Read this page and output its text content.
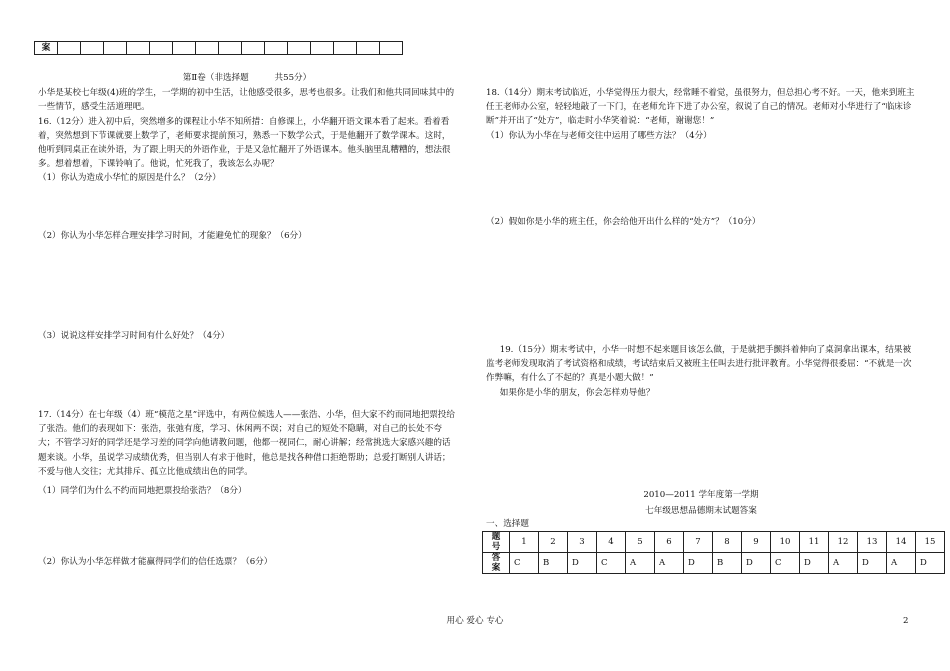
案															

第Ⅱ卷（非选择题　　　共55分）

小华是某校七年级(4)班的学生，一学期的初中生活，让他感受很多，思考也很多。让我们和他共同回味其中的一些情节，感受生活道理吧。

16.（12分）进入初中后，突然增多的课程让小华不知所措：自修课上，小华翻开语文课本看了起来。看着看着，突然想到下节课就要上数学了，老师要求提前预习，熟悉一下数学公式，于是他翻开了数学课本。这时，他听到同桌正在读外语，为了跟上明天的外语作业，于是又急忙翻开了外语课本。他头脑里乱糟糟的，想法很多。想着想着，下课铃响了。他说，忙死我了，我该怎么办呢？

（1）你认为造成小华忙的原因是什么？（2分）

（2）你认为小华怎样合理安排学习时间，才能避免忙的现象？（6分）

（3）说说这样安排学习时间有什么好处？（4分）

17.（14分）在七年级（4）班“模范之星”评选中，有两位候选人——张浩、小华，但大家不约而同地把票投给了张浩。他们的表现如下：张浩，张弛有度，学习、休闲两不误；对自己的短处不隐瞒，对自己的长处不夸大；不管学习好的同学还是学习差的同学向他请教问题，他都一视同仁，耐心讲解；经常挑选大家感兴趣的话题来谈。小华，虽说学习成绩优秀，但当别人有求于他时，他总是找各种借口拒绝帮助；总爱打断别人讲话；不爱与他人交往；尤其排斥、孤立比他成绩出色的同学。

（1）同学们为什么不约而同地把票投给张浩？（8分）

（2）你认为小华怎样做才能赢得同学们的信任选票？（6分）

18.（14分）期末考试临近，小华觉得压力很大，经常睡不着觉，虽很努力，但总担心考不好。一天，他来到班主任王老师办公室，轻轻地敲了一下门，在老师允许下进了办公室，叙说了自己的情况。老师对小华进行了“临床诊断”并开出了“处方”，临走时小华笑着说：“老师，谢谢您！”

（1）你认为小华在与老师交往中运用了哪些方法？（4分）

（2）假如你是小华的班主任，你会给他开出什么样的“处方”？（10分）

19.（15分）期末考试中，小华一时想不起来题目该怎么做，于是就把手颤抖着伸向了桌洞拿出课本，结果被监考老师发现取消了考试资格和成绩，考试结束后又被班主任叫去进行批评教育。小华觉得很委屈：“不就是一次作弊嘛，有什么了不起的？真是小题大做！”

如果你是小华的朋友，你会怎样劝导他？

2010—2011 学年度第一学期

七年级思想品德期末试题答案

一、选择题

题号	1	2	3	4	5	6	7	8	9	10	11	12	13	14	15
答案	C	B	D	C	A	A	D	B	D	C	D	A	D	A	D

用心 爱心 专心	2
